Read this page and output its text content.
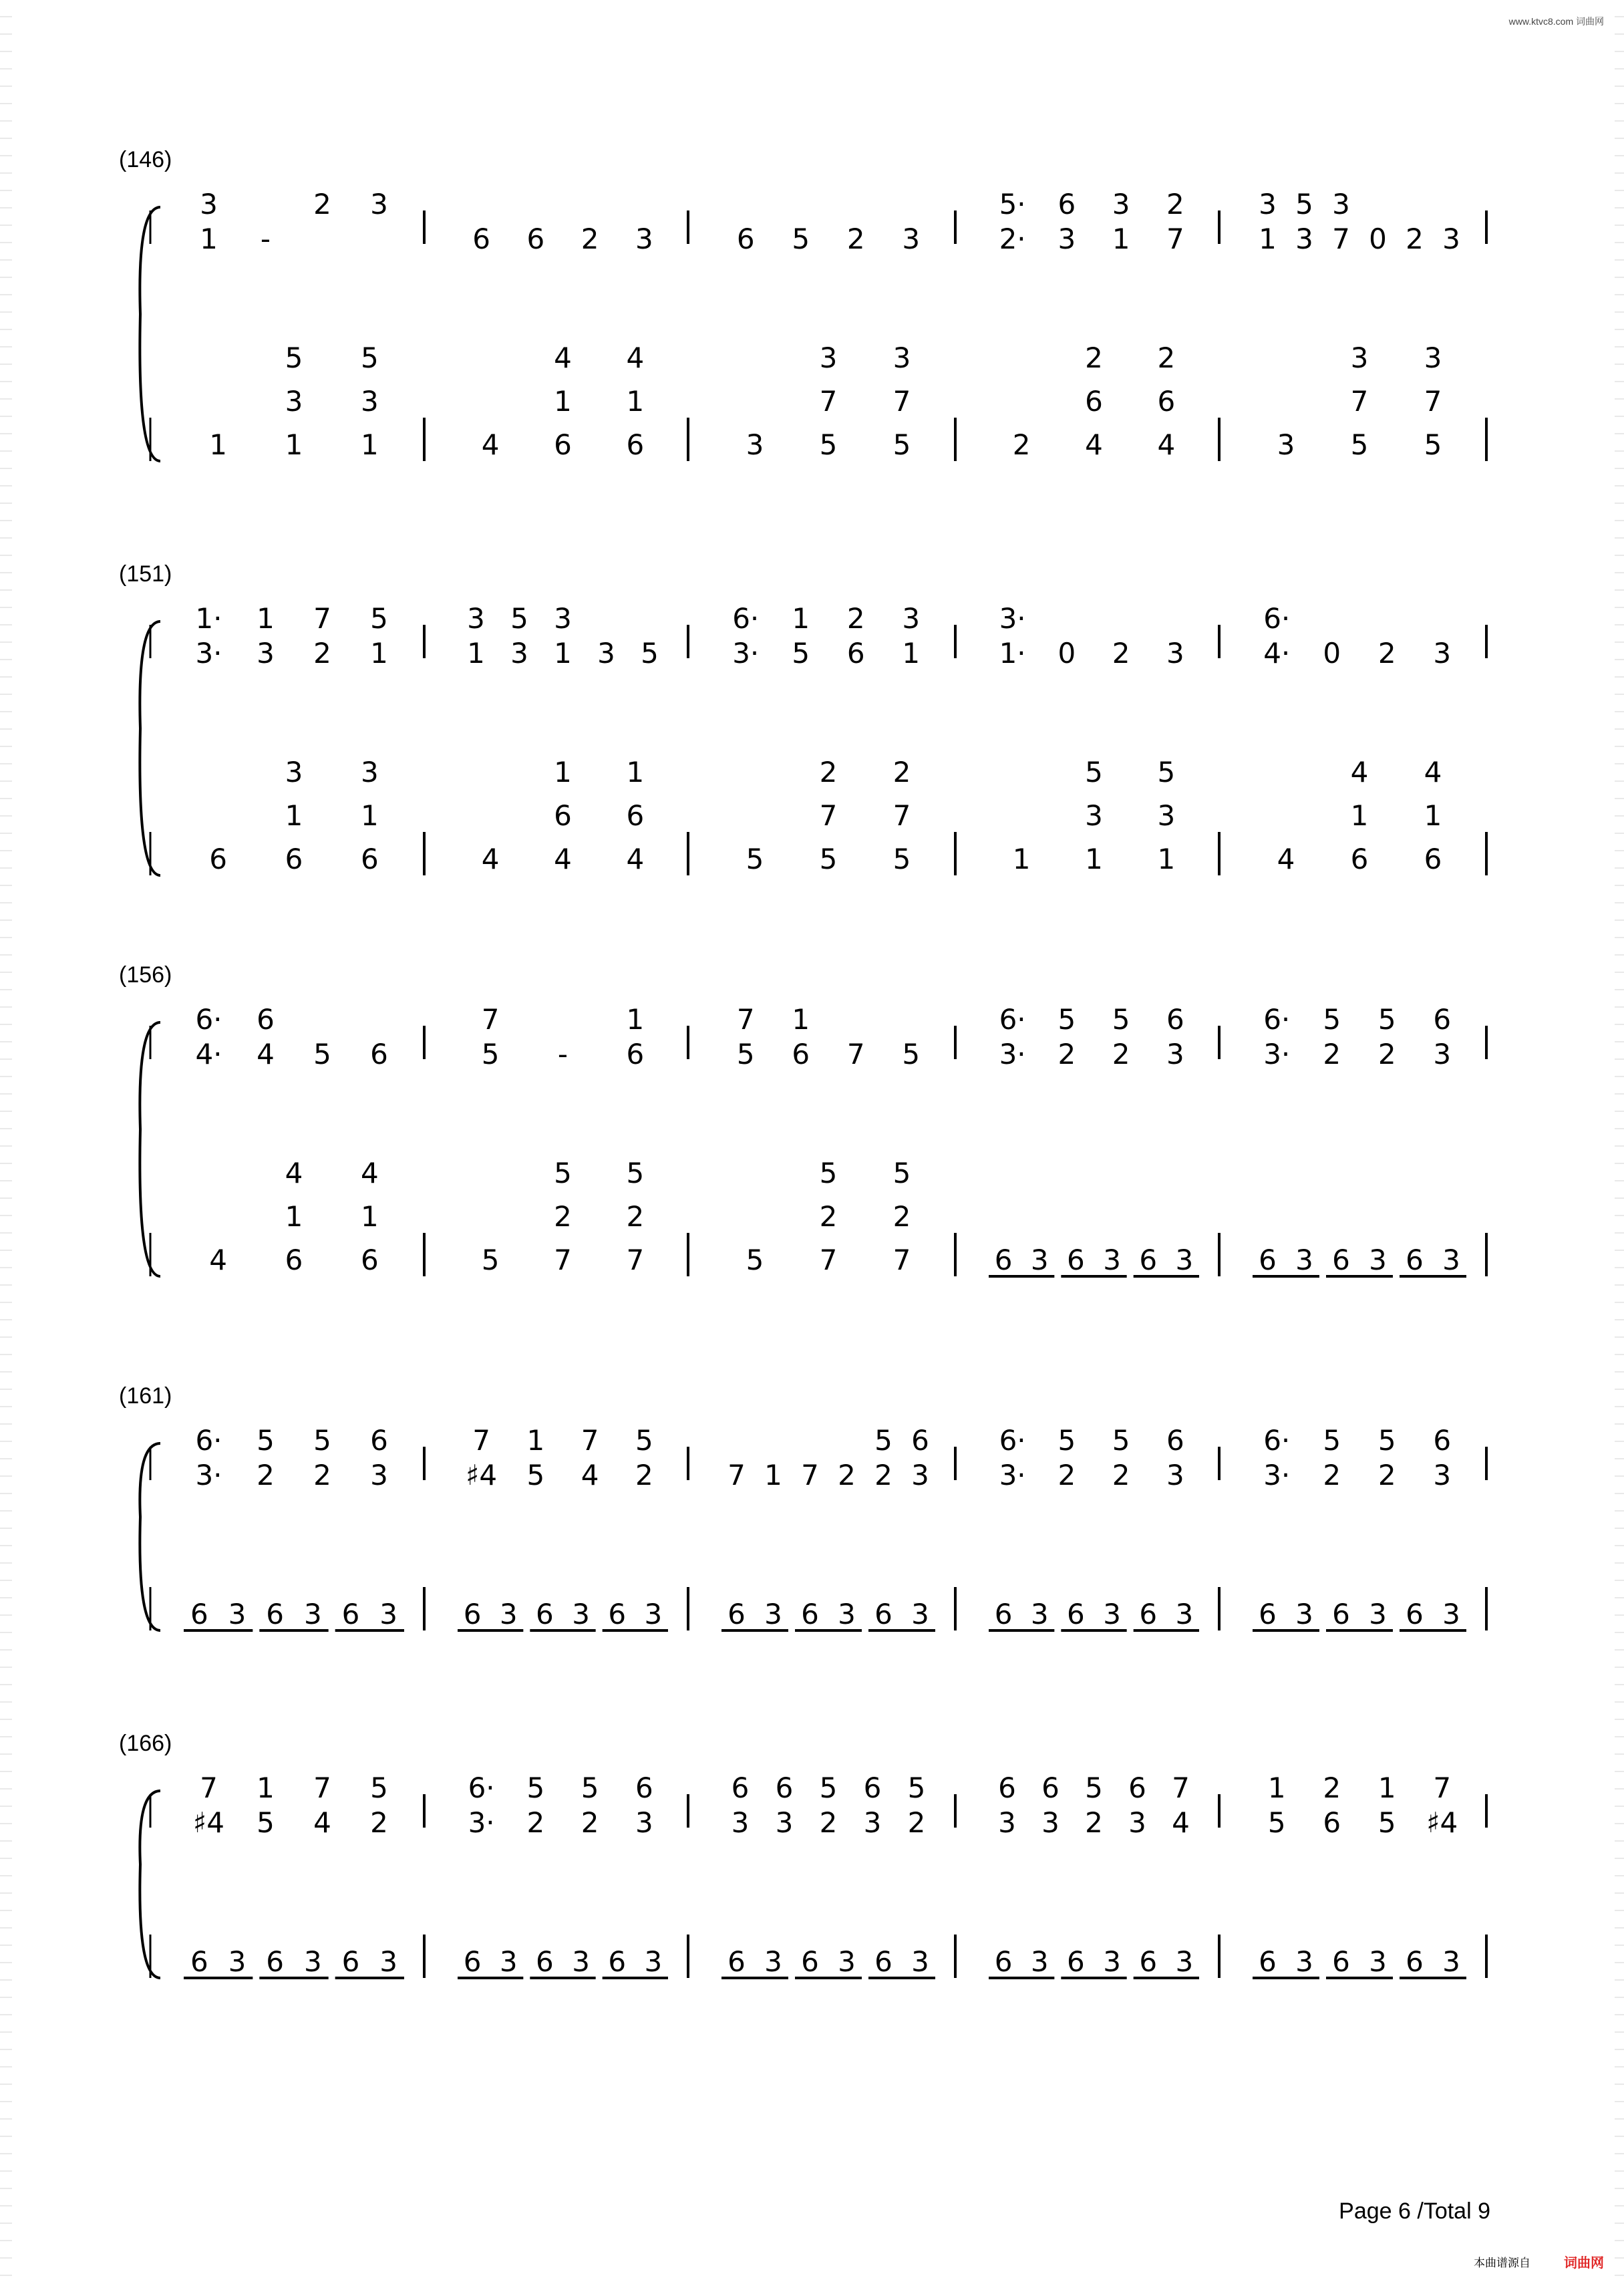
www.ktvc8.com 词曲网
(146)
3
1 -
2 3
1 1
3
5
1
3
5
6 6 2 3
4 6
1
4
6
1
4
6 5 2 3
3 5
7
3
5
7
3
5·
2·
6
3
3
1
2
7
2 4
6
2
4
6
2
3
1
5
3
3
7 0 2 3
3 5
7
3
5
7
3
(151)
1·
3·
1
3
7
2
5
1
6 6
1
3
6
1
3
3
1
5
3
3
1 3 5
4 4
6
1
4
6
1
6·
3·
1
5
2
6
3
1
5 5
7
2
5
7
2
3·
1· 0 2 3
1 1
3
5
1
3
5
6·
4· 0 2 3
4 6
1
4
6
1
4
(156)
6·
4·
6
4 5 6
4 6
1
4
6
1
4
7
5 -
1
6
5 7
2
5
7
2
5
7
5
1
6 7 5
5 7
2
5
7
2
5
6·
3·
5
2
5
2
6
3
6 3 6 3 6 3
6·
3·
5
2
5
2
6
3
6 3 6 3 6 3
(161)
6·
3·
5
2
5
2
6
3
6 3 6 3 6 3
7
♯4
1
5
7
4
5
2
6 3 6 3 6 3
7 1 7 2
5
2
6
3
6 3 6 3 6 3
6·
3·
5
2
5
2
6
3
6 3 6 3 6 3
6·
3·
5
2
5
2
6
3
6 3 6 3 6 3
(166)
7
♯4
1
5
7
4
5
2
6 3 6 3 6 3
6·
3·
5
2
5
2
6
3
6 3 6 3 6 3
6
3
6
3
5
2
6
3
5
2
6 3 6 3 6 3
6
3
6
3
5
2
6
3
7
4
6 3 6 3 6 3
1
5
2
6
1
5
7
♯4
6 3 6 3 6 3
Page 6 /Total 9
本曲谱源自	词曲网
